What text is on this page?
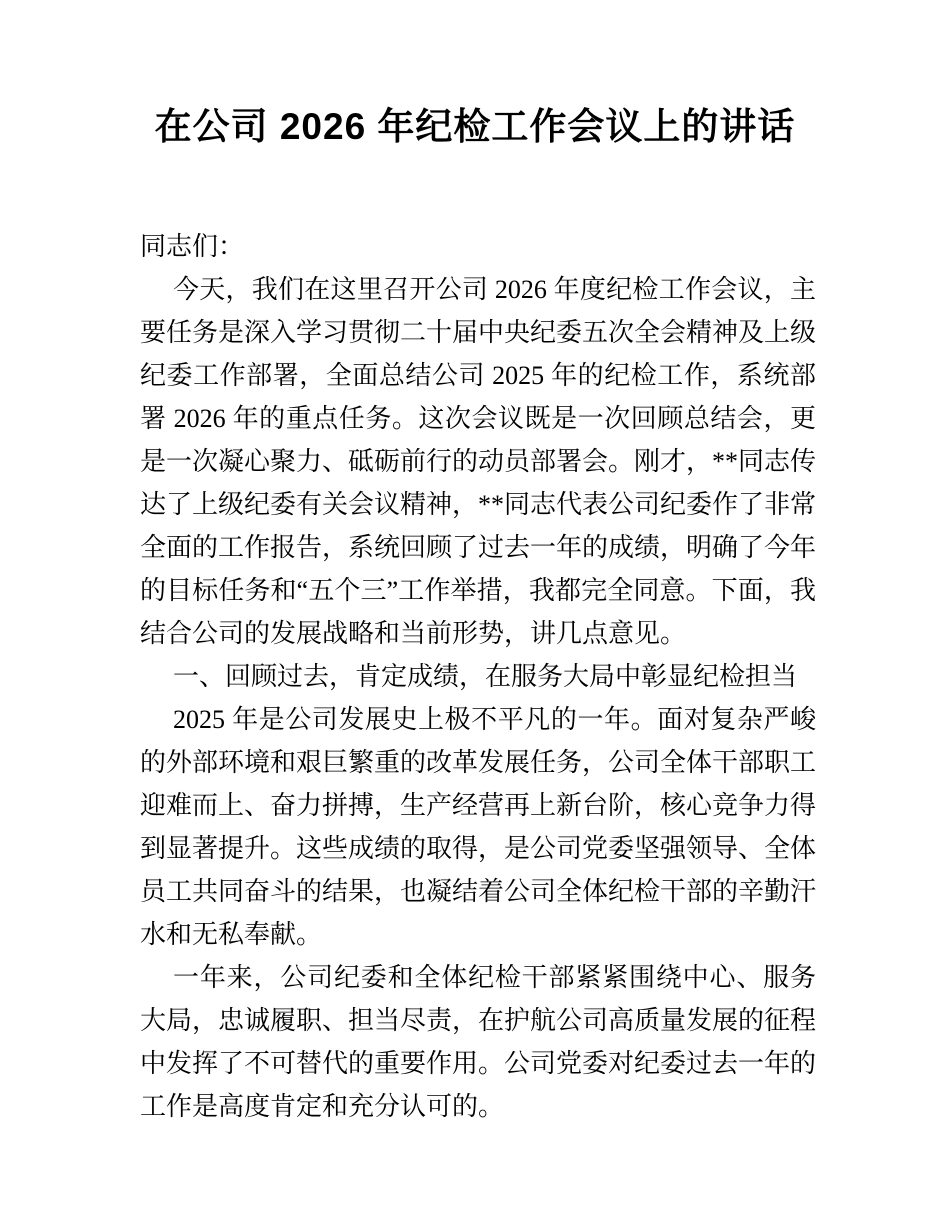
在公司 2026 年纪检工作会议上的讲话

同志们：

今天，我们在这里召开公司 2026 年度纪检工作会议，主要任务是深入学习贯彻二十届中央纪委五次全会精神及上级纪委工作部署，全面总结公司 2025 年的纪检工作，系统部署 2026 年的重点任务。这次会议既是一次回顾总结会，更是一次凝心聚力、砥砺前行的动员部署会。刚才，**同志传达了上级纪委有关会议精神，**同志代表公司纪委作了非常全面的工作报告，系统回顾了过去一年的成绩，明确了今年的目标任务和“五个三”工作举措，我都完全同意。下面，我结合公司的发展战略和当前形势，讲几点意见。

一、回顾过去，肯定成绩，在服务大局中彰显纪检担当

2025 年是公司发展史上极不平凡的一年。面对复杂严峻的外部环境和艰巨繁重的改革发展任务，公司全体干部职工迎难而上、奋力拼搏，生产经营再上新台阶，核心竞争力得到显著提升。这些成绩的取得，是公司党委坚强领导、全体员工共同奋斗的结果，也凝结着公司全体纪检干部的辛勤汗水和无私奉献。

一年来，公司纪委和全体纪检干部紧紧围绕中心、服务大局，忠诚履职、担当尽责，在护航公司高质量发展的征程中发挥了不可替代的重要作用。公司党委对纪委过去一年的工作是高度肯定和充分认可的。
